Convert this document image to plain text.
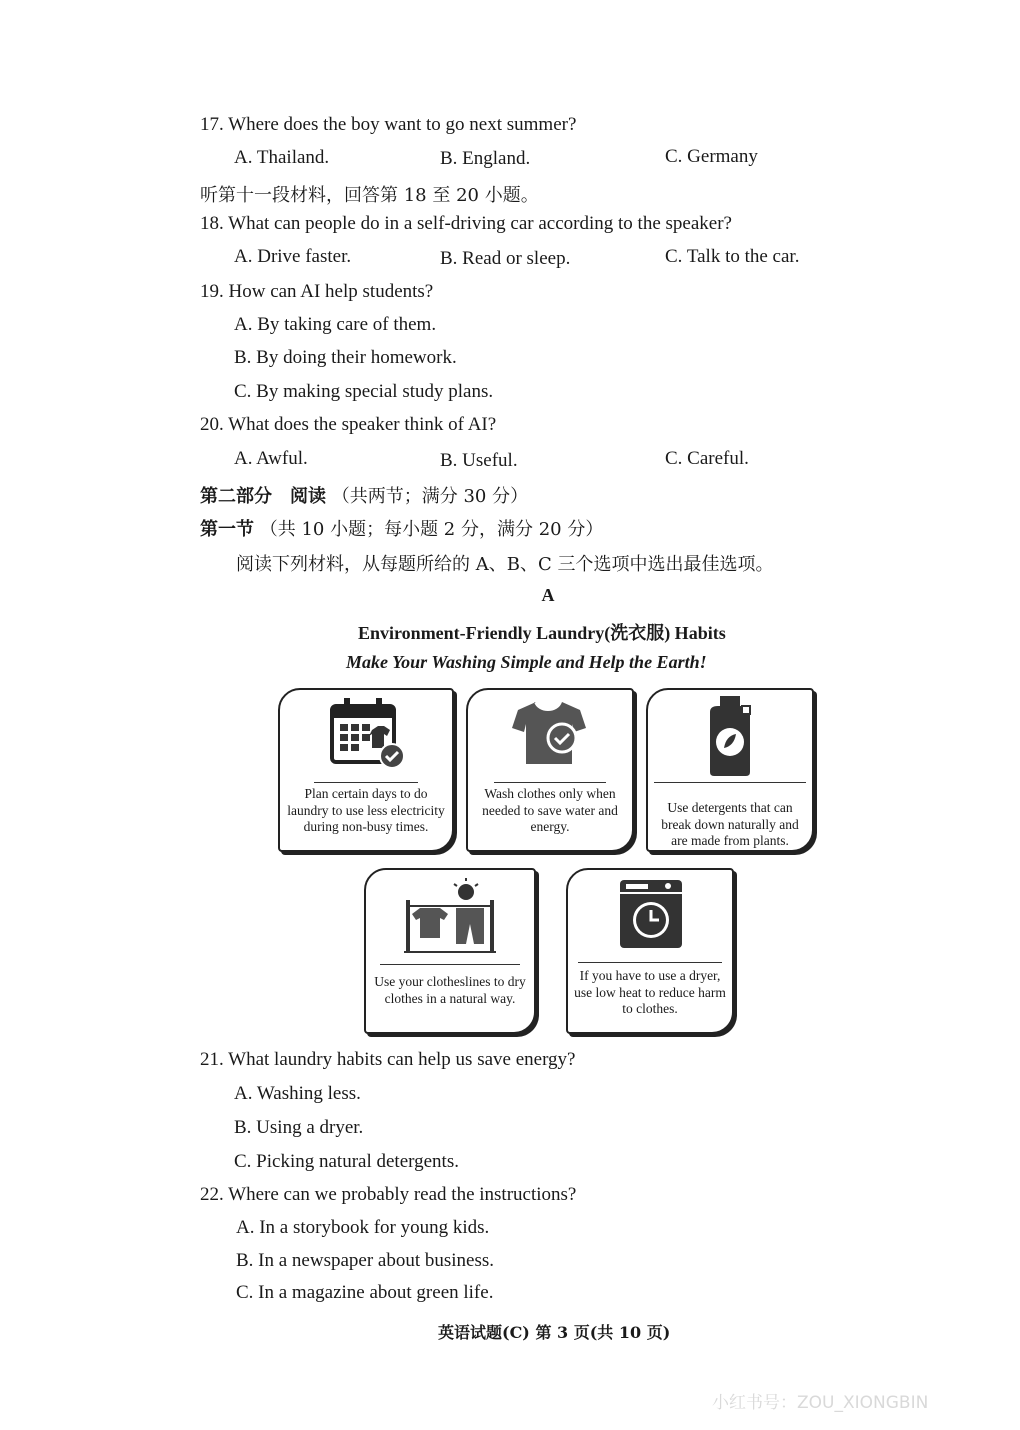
17. Where does the boy want to go next summer?
A. Thailand.	B. England.	C. Germany
听第十一段材料，回答第 18 至 20 小题。
18. What can people do in a self-driving car according to the speaker?
A. Drive faster.	B. Read or sleep.	C. Talk to the car.
19. How can AI help students?
A. By taking care of them.
B. By doing their homework.
C. By making special study plans.
20. What does the speaker think of AI?
A. Awful.	B. Useful.	C. Careful.
第二部分　阅读 （共两节；满分 30 分）
第一节 （共 10 小题；每小题 2 分，满分 20 分）
阅读下列材料，从每题所给的 A、B、C 三个选项中选出最佳选项。
A
Environment-Friendly Laundry(洗衣服) Habits
Make Your Washing Simple and Help the Earth!
Plan certain days to do laundry to use less electricity during non-busy times.
Wash clothes only when needed to save water and energy.
Use detergents that can break down naturally and are made from plants.
Use your clotheslines to dry clothes in a natural way.
If you have to use a dryer, use low heat to reduce harm to clothes.
21. What laundry habits can help us save energy?
A. Washing less.
B. Using a dryer.
C. Picking natural detergents.
22. Where can we probably read the instructions?
A. In a storybook for young kids.
B. In a newspaper about business.
C. In a magazine about green life.
英语试题(C) 第 3 页(共 10 页)
小红书号：ZOU_XIONGBIN
